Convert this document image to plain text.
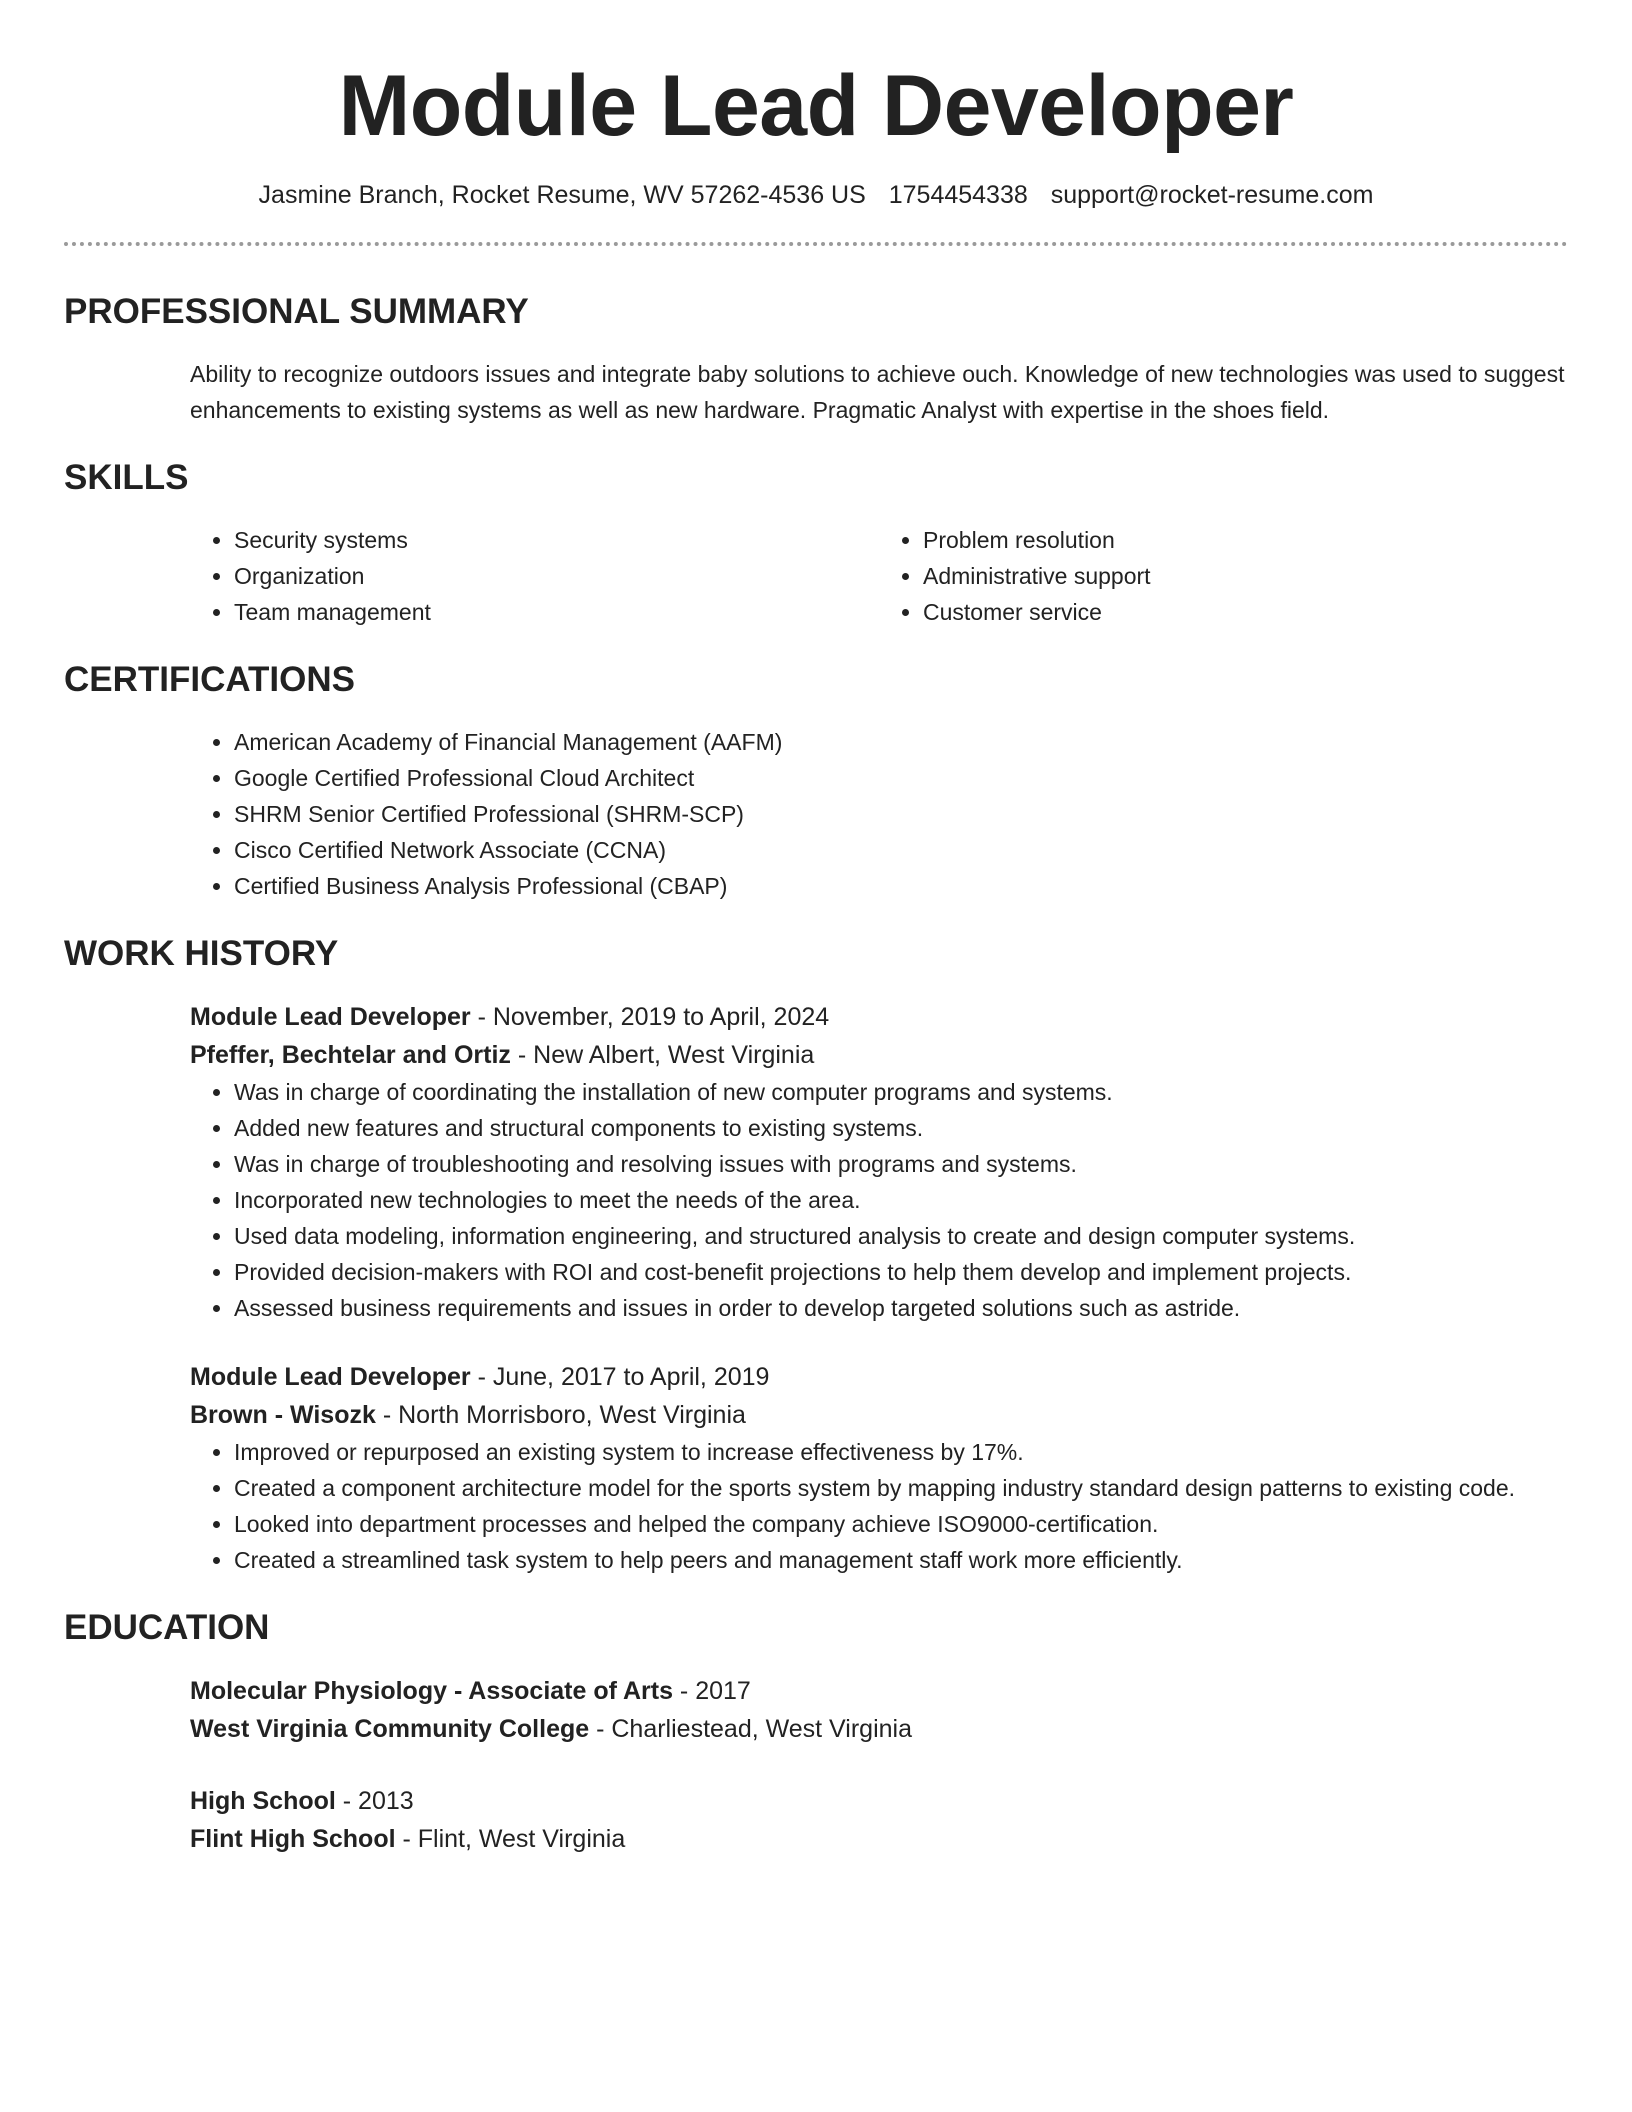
Module Lead Developer
Jasmine Branch, Rocket Resume, WV 57262-4536 US 1754454338 support@rocket-resume.com
PROFESSIONAL SUMMARY

Ability to recognize outdoors issues and integrate baby solutions to achieve ouch. Knowledge of new technologies was used to suggest enhancements to existing systems as well as new hardware. Pragmatic Analyst with expertise in the shoes field.

SKILLS
• Security systems
• Organization
• Team management
• Problem resolution
• Administrative support
• Customer service
CERTIFICATIONS
• American Academy of Financial Management (AAFM)
• Google Certified Professional Cloud Architect
• SHRM Senior Certified Professional (SHRM-SCP)
• Cisco Certified Network Associate (CCNA)
• Certified Business Analysis Professional (CBAP)
WORK HISTORY
Module Lead Developer - November, 2019 to April, 2024
Pfeffer, Bechtelar and Ortiz - New Albert, West Virginia
• Was in charge of coordinating the installation of new computer programs and systems.
• Added new features and structural components to existing systems.
• Was in charge of troubleshooting and resolving issues with programs and systems.
• Incorporated new technologies to meet the needs of the area.
• Used data modeling, information engineering, and structured analysis to create and design computer systems.
• Provided decision-makers with ROI and cost-benefit projections to help them develop and implement projects.
• Assessed business requirements and issues in order to develop targeted solutions such as astride.
Module Lead Developer - June, 2017 to April, 2019
Brown - Wisozk - North Morrisboro, West Virginia
• Improved or repurposed an existing system to increase effectiveness by 17%.
• Created a component architecture model for the sports system by mapping industry standard design patterns to existing code.
• Looked into department processes and helped the company achieve ISO9000-certification.
• Created a streamlined task system to help peers and management staff work more efficiently.
EDUCATION
Molecular Physiology - Associate of Arts - 2017
West Virginia Community College - Charliestead, West Virginia
High School - 2013
Flint High School - Flint, West Virginia
